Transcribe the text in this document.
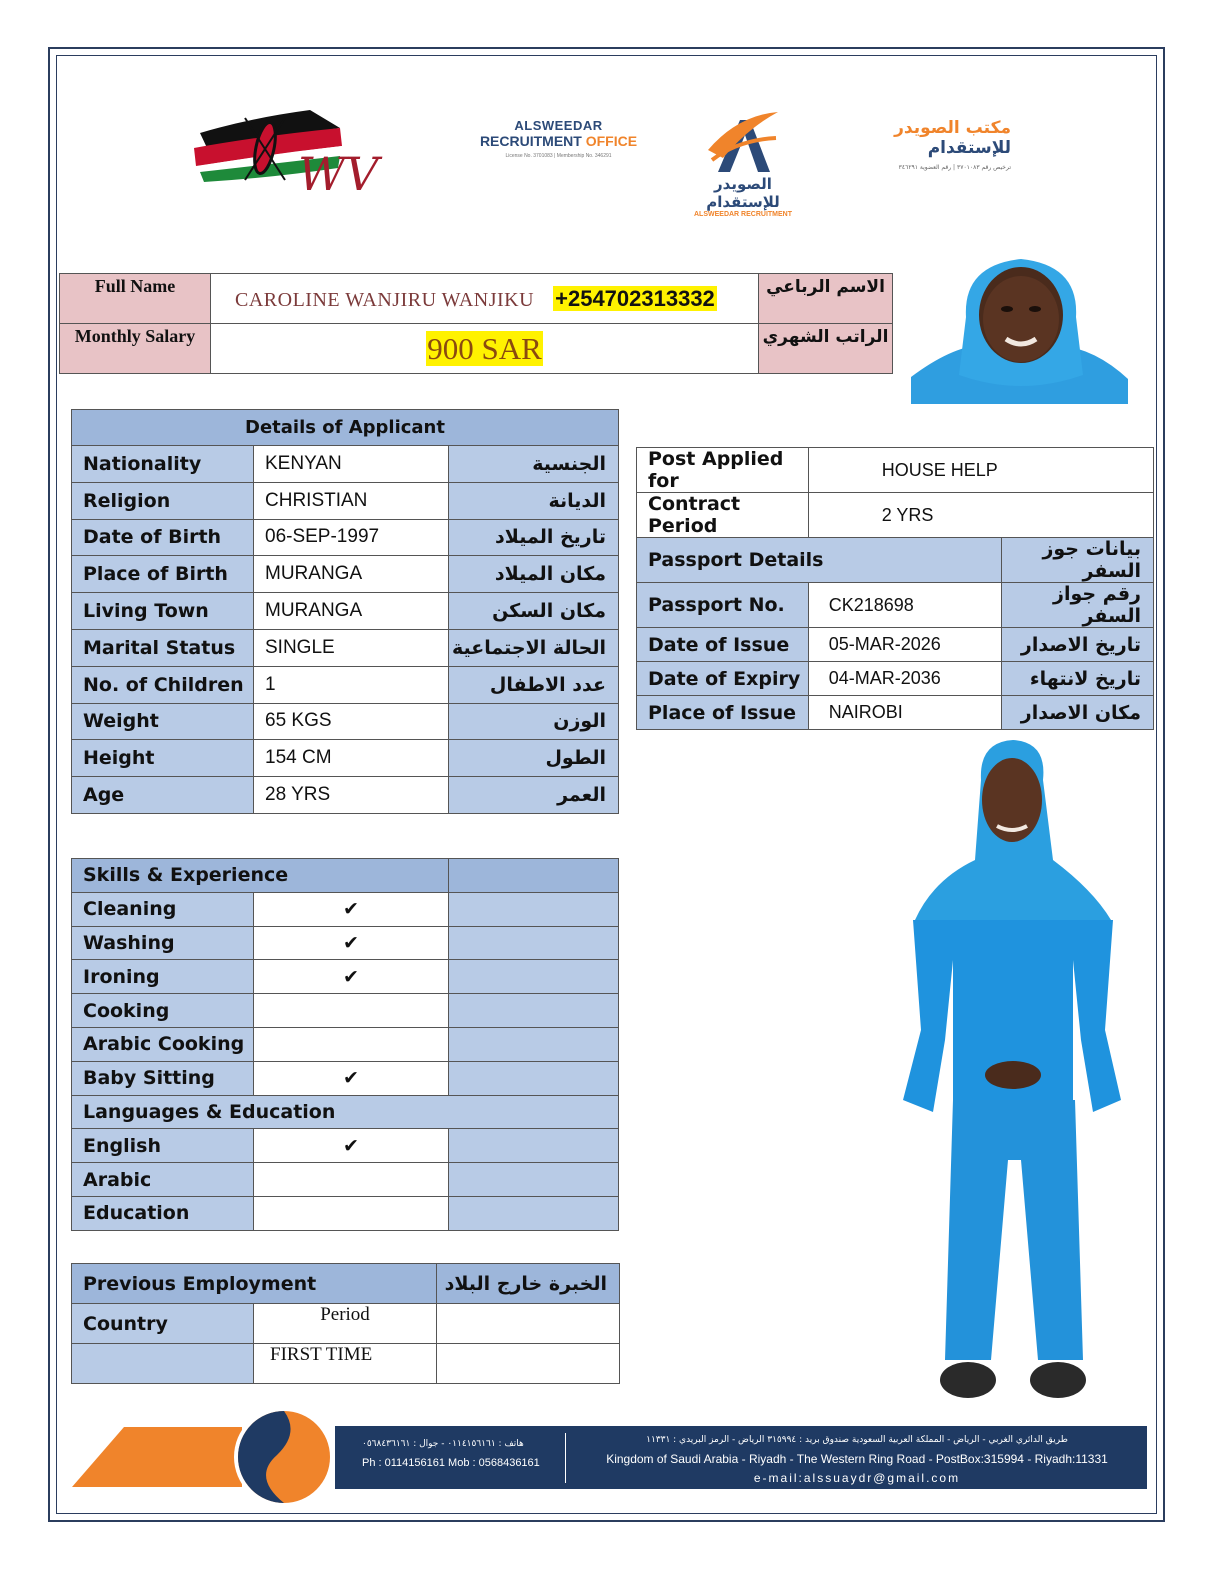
WV
ALSWEEDAR
RECRUITMENT OFFICE
License No. 3701083 | Membership No. 346291
الصويدر للإستقدام
ALSWEEDAR RECRUITMENT
مكتب الصويدر للإستقدام
ترخيص رقم ٣٧٠١٠٨٣ | رقم العضوية ٣٤٦٢٩١
Full Name	CAROLINE WANJIRU WANJIKU +254702313332	الاسم الرباعي
Monthly Salary	900 SAR	الراتب الشهري
Details of Applicant		
Nationality	KENYAN	الجنسية
Religion	CHRISTIAN	الديانة
Date of Birth	06-SEP-1997	تاريخ الميلاد
Place of Birth	MURANGA	مكان الميلاد
Living Town	MURANGA	مكان السكن
Marital Status	SINGLE	الحالة الاجتماعية
No. of Children	1	عدد الاطفال
Weight	65 KGS	الوزن
Height	154 CM	الطول
Age	28 YRS	العمر
Post Applied for	HOUSE HELP	
Contract Period	2 YRS	
Passport Details		بيانات جوز السفر
Passport No.	CK218698	رقم جواز السفر
Date of Issue	05-MAR-2026	تاريخ الاصدار
Date of Expiry	04-MAR-2036	تاريخ لانتهاء
Place of Issue	NAIROBI	مكان الاصدار
Skills & Experience		
Cleaning	✔	
Washing	✔	
Ironing	✔	
Cooking		
Arabic Cooking		
Baby Sitting	✔	
Languages & Education		
English	✔	
Arabic		
Education		
Previous Employment		الخبرة خارج البلاد
Country	Period	
	FIRST TIME	
هاتف : ٠١١٤١٥٦١٦١ - جوال : ٠٥٦٨٤٣٦١٦١
Ph : 0114156161 Mob : 0568436161
طريق الدائري الغربي - الرياض - المملكة العربية السعودية صندوق بريد : ٣١٥٩٩٤ الرياض - الرمز البريدي : ١١٣٣١
Kingdom of Saudi Arabia - Riyadh - The Western Ring Road - PostBox:315994 - Riyadh:11331
e-mail:alssuaydr@gmail.com
